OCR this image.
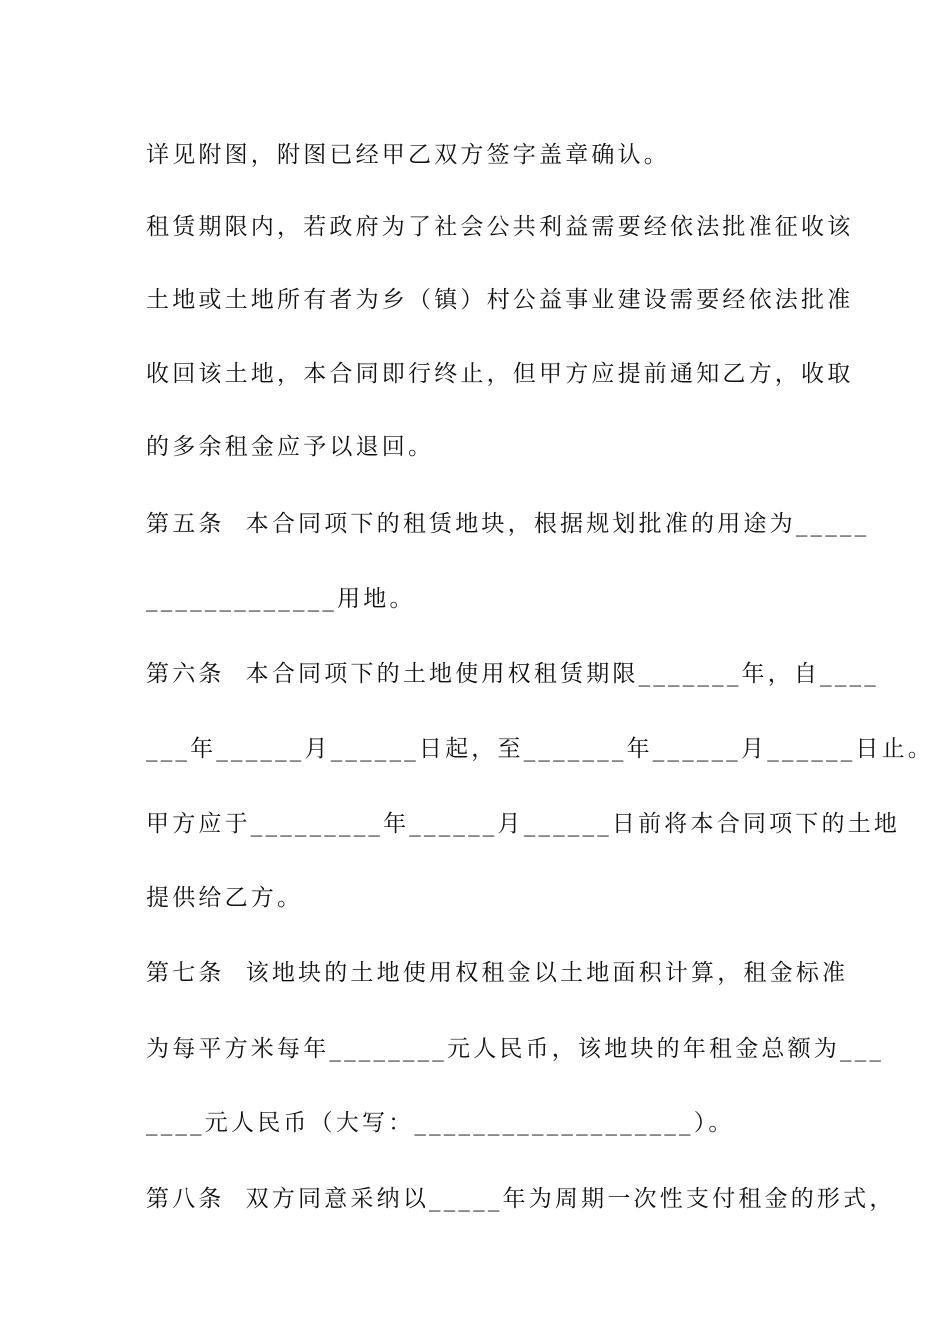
详见附图，附图已经甲乙双方签字盖章确认。
租赁期限内，若政府为了社会公共利益需要经依法批准征收该
土地或土地所有者为乡（镇）村公益事业建设需要经依法批准
收回该土地，本合同即行终止，但甲方应提前通知乙方，收取
的多余租金应予以退回。
第五条  本合同项下的租赁地块，根据规划批准的用途为_____
_____________用地。
第六条  本合同项下的土地使用权租赁期限_______年，自____
___年______月______日起，至_______年______月______日止。
甲方应于_________年______月______日前将本合同项下的土地
提供给乙方。
第七条  该地块的土地使用权租金以土地面积计算，租金标准
为每平方米每年________元人民币，该地块的年租金总额为___
____元人民币（大写：___________________）。
第八条  双方同意采纳以_____年为周期一次性支付租金的形式，
